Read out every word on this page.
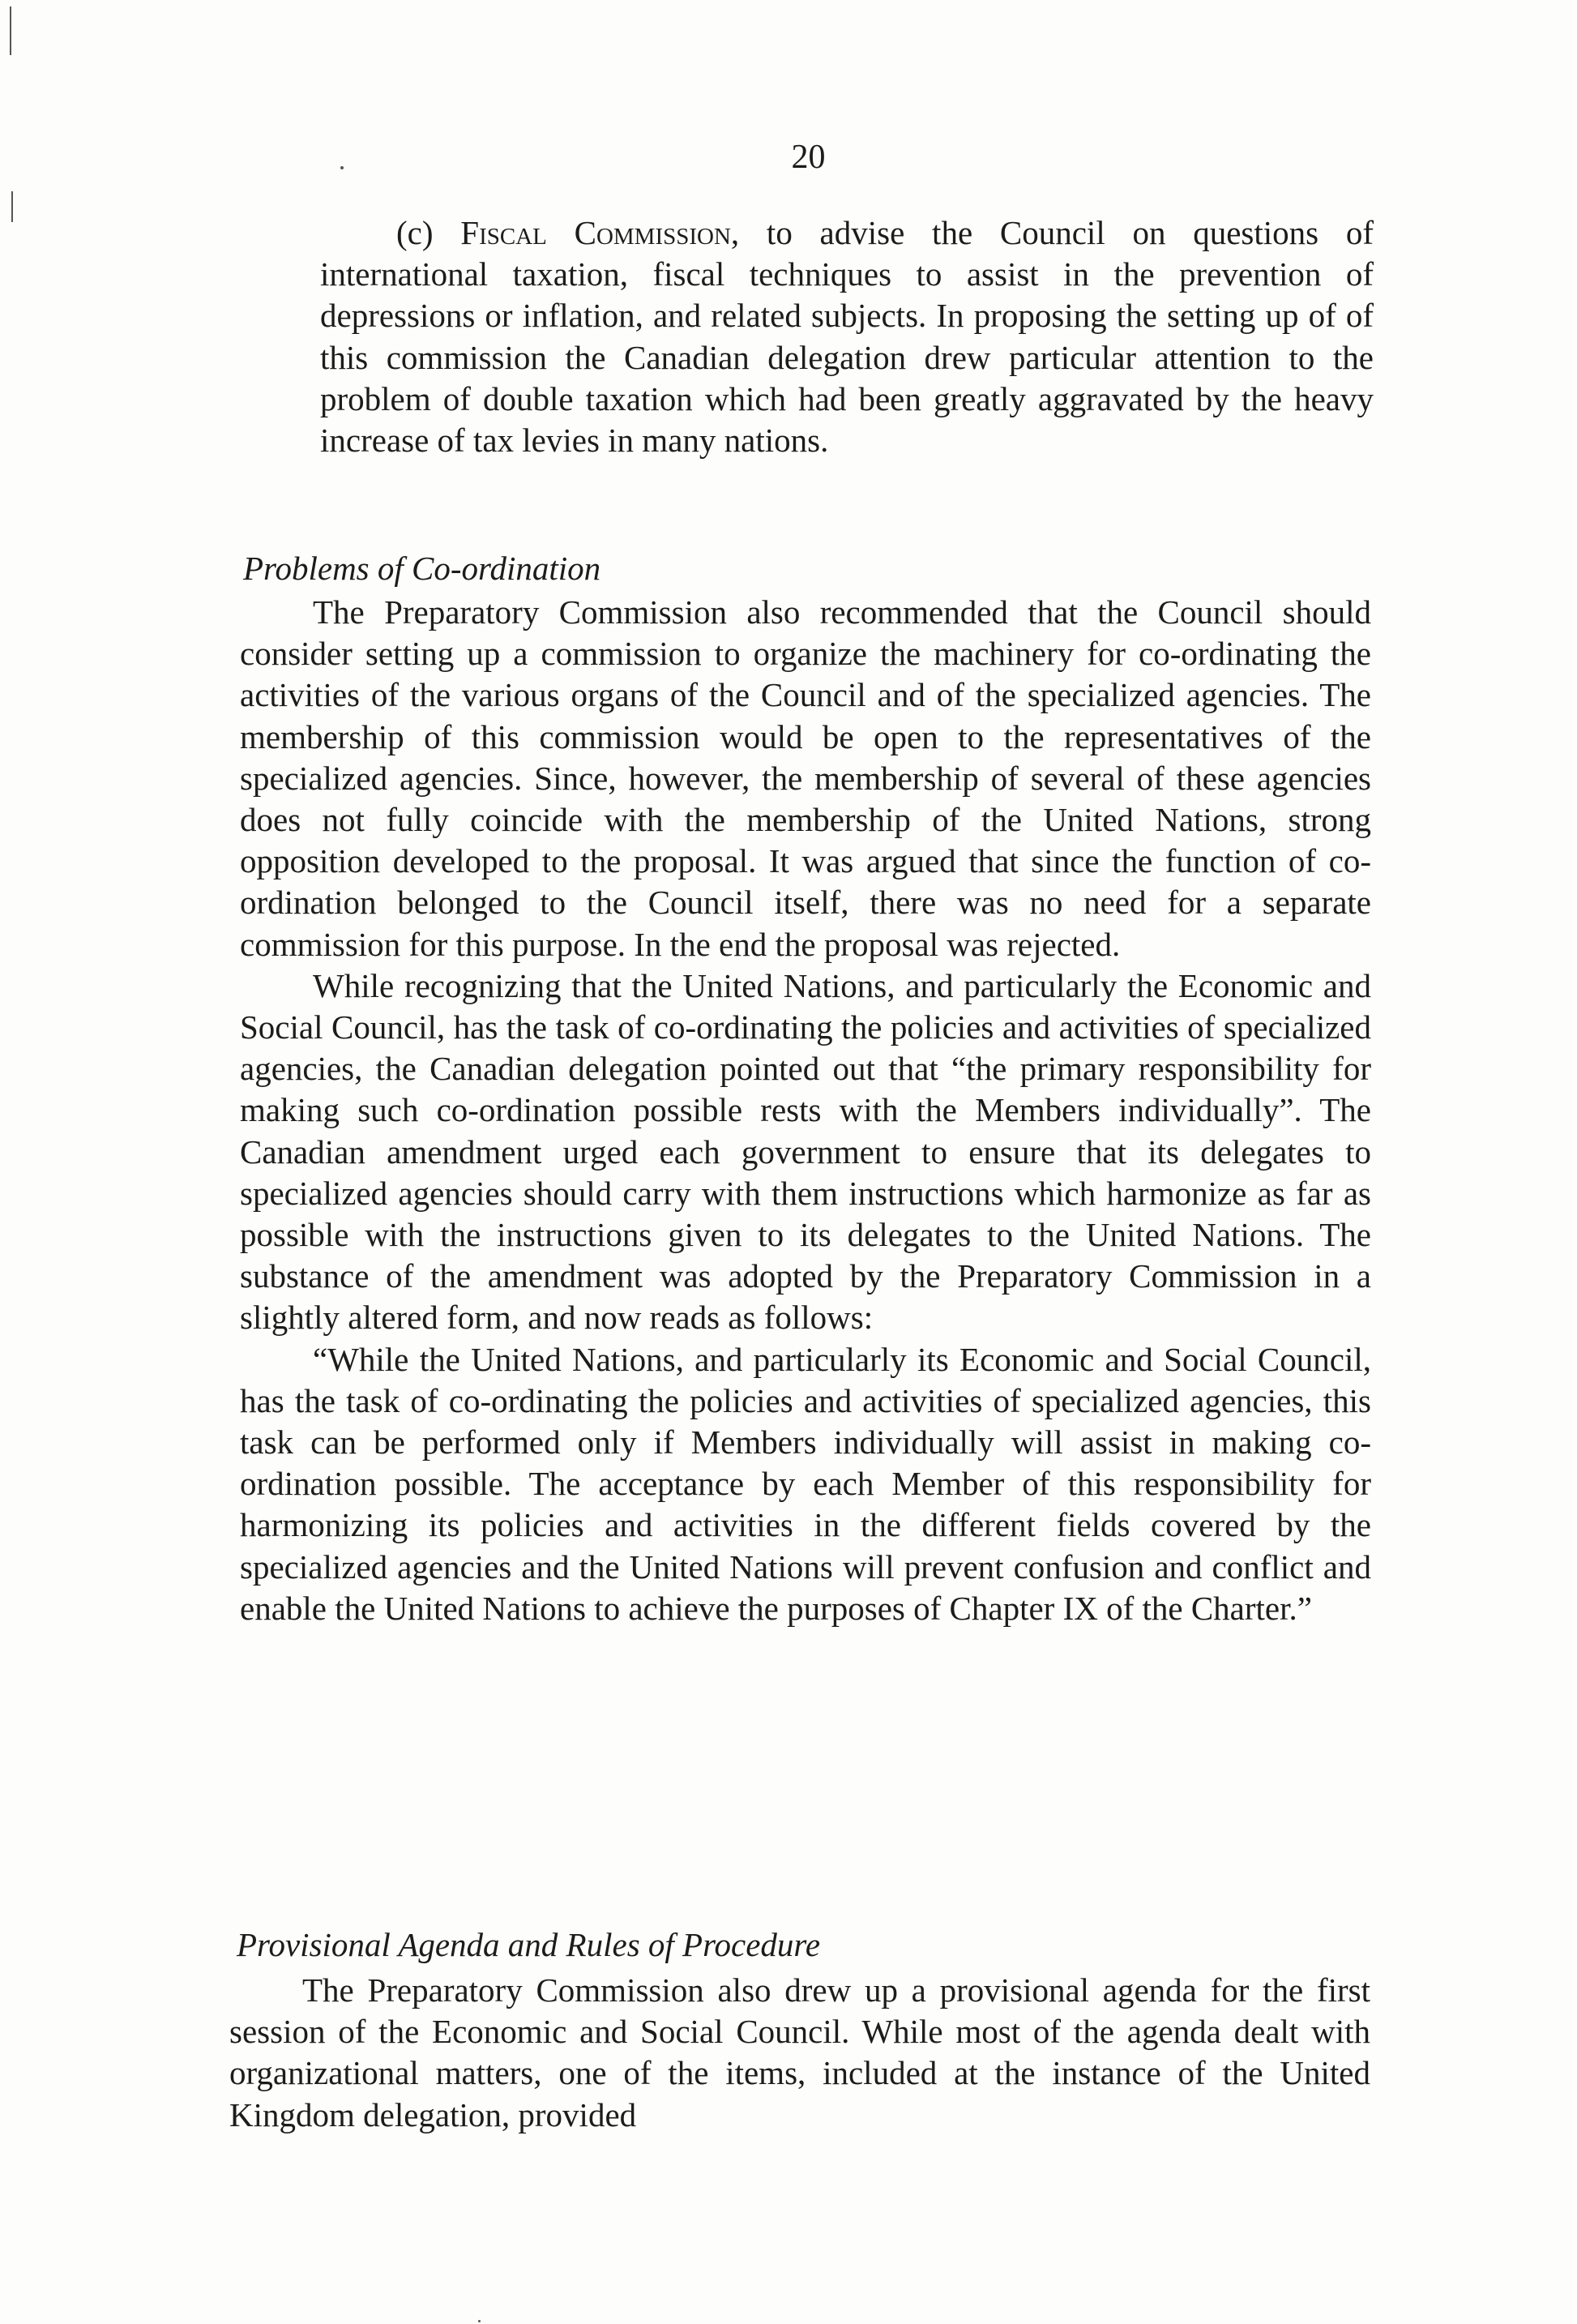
20

(c) Fiscal Commission, to advise the Council on questions of international taxation, fiscal techniques to assist in the prevention of depressions or inflation, and related subjects. In proposing the setting up of of this commission the Canadian delegation drew particular attention to the problem of double taxation which had been greatly aggravated by the heavy increase of tax levies in many nations.

Problems of Co-ordination

The Preparatory Commission also recommended that the Council should consider setting up a commission to organize the machinery for co-ordinating the activities of the various organs of the Council and of the specialized agencies. The membership of this commission would be open to the representatives of the specialized agencies. Since, however, the membership of several of these agencies does not fully coincide with the membership of the United Nations, strong opposition developed to the proposal. It was argued that since the function of co-ordination belonged to the Council itself, there was no need for a separate commission for this purpose. In the end the proposal was rejected.

While recognizing that the United Nations, and particularly the Economic and Social Council, has the task of co-ordinating the policies and activities of specialized agencies, the Canadian delegation pointed out that “the primary responsibility for making such co-ordination possible rests with the Members individually”. The Canadian amendment urged each government to ensure that its delegates to specialized agencies should carry with them instructions which harmonize as far as possible with the instructions given to its delegates to the United Nations. The substance of the amendment was adopted by the Preparatory Commission in a slightly altered form, and now reads as follows:

“While the United Nations, and particularly its Economic and Social Council, has the task of co-ordinating the policies and activities of specialized agencies, this task can be performed only if Members individually will assist in making co-ordination possible. The acceptance by each Member of this responsibility for harmonizing its policies and activities in the different fields covered by the specialized agencies and the United Nations will prevent confusion and conflict and enable the United Nations to achieve the purposes of Chapter IX of the Charter.”

Provisional Agenda and Rules of Procedure

The Preparatory Commission also drew up a provisional agenda for the first session of the Economic and Social Council. While most of the agenda dealt with organizational matters, one of the items, included at the instance of the United Kingdom delegation, provided
